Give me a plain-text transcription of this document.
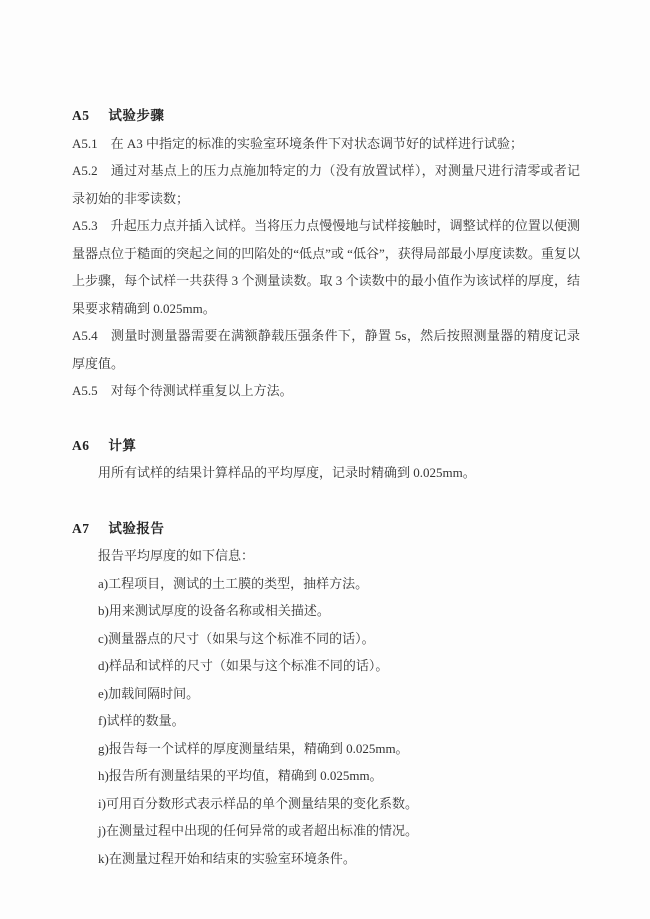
A5 试验步骤

A5.1 在 A3 中指定的标准的实验室环境条件下对状态调节好的试样进行试验；

A5.2 通过对基点上的压力点施加特定的力（没有放置试样），对测量尺进行清零或者记录初始的非零读数；

A5.3 升起压力点并插入试样。当将压力点慢慢地与试样接触时，调整试样的位置以便测量器点位于糙面的突起之间的凹陷处的“低点”或 “低谷”，获得局部最小厚度读数。重复以上步骤，每个试样一共获得 3 个测量读数。取 3 个读数中的最小值作为该试样的厚度，结果要求精确到 0.025mm。

A5.4 测量时测量器需要在满额静载压强条件下，静置 5s，然后按照测量器的精度记录厚度值。

A5.5 对每个待测试样重复以上方法。

A6 计算

用所有试样的结果计算样品的平均厚度，记录时精确到 0.025mm。

A7 试验报告

报告平均厚度的如下信息：

a)工程项目，测试的土工膜的类型，抽样方法。

b)用来测试厚度的设备名称或相关描述。

c)测量器点的尺寸（如果与这个标准不同的话）。

d)样品和试样的尺寸（如果与这个标准不同的话）。

e)加载间隔时间。

f)试样的数量。

g)报告每一个试样的厚度测量结果，精确到 0.025mm。

h)报告所有测量结果的平均值，精确到 0.025mm。

i)可用百分数形式表示样品的单个测量结果的变化系数。

j)在测量过程中出现的任何异常的或者超出标准的情况。

k)在测量过程开始和结束的实验室环境条件。
